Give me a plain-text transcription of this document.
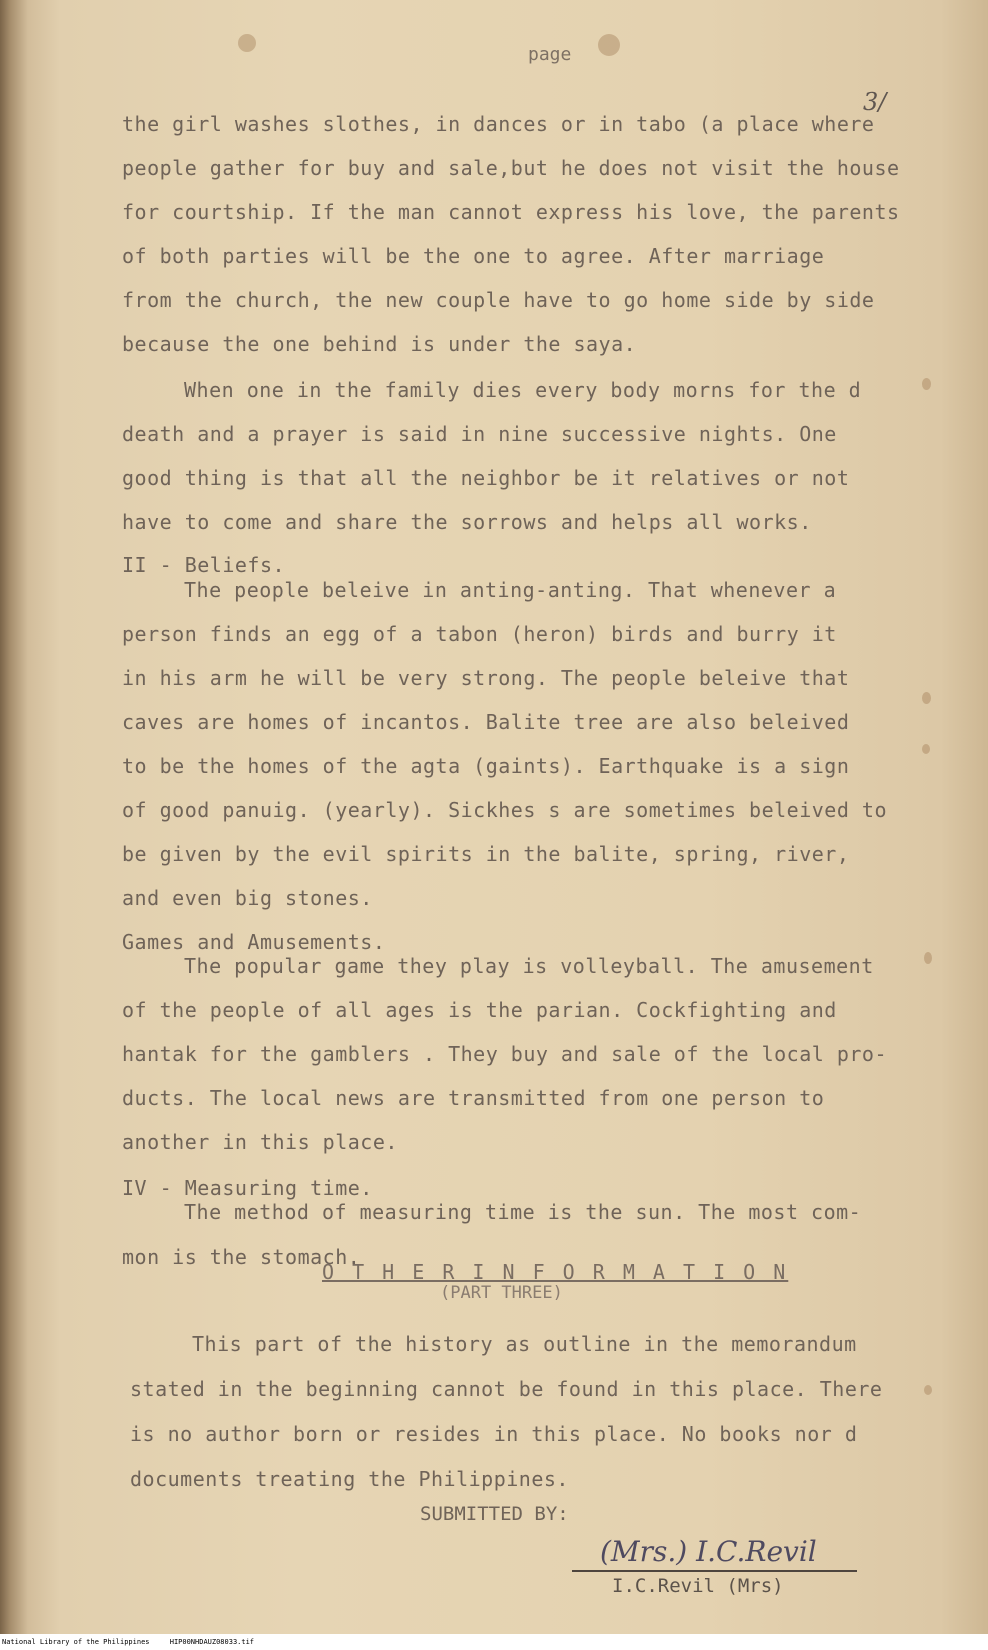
page
3/
the girl washes slothes, in dances or in tabo (a place where
people gather for buy and sale,but he does not visit the house
for courtship. If the man cannot express his love, the parents
of both parties will be the one to agree. After marriage
from the church, the new couple have to go home side by side
because the one behind is under the saya.
When one in the family dies every body morns for the d
death and a prayer is said in nine successive nights. One
good thing is that all the neighbor be it relatives or not
have to come and share the sorrows and helps all works.
II - Beliefs.
The people beleive in anting-anting. That whenever a
person finds an egg of a tabon (heron) birds and burry it
in his arm he will be very strong. The people beleive that
caves are homes of incantos. Balite tree are also beleived
to be the homes of the agta (gaints). Earthquake is a sign
of good panuig. (yearly). Sickhes s are sometimes beleived to
be given by the evil spirits in the balite, spring, river,
and even big stones.
Games and Amusements.
The popular game they play is volleyball. The amusement
of the people of all ages is the parian. Cockfighting and
hantak for the gamblers . They buy and sale of the local pro-
ducts. The local news are transmitted from one person to
another in this place.
IV - Measuring time.
The method of measuring time is the sun. The most com-
mon is the stomach.
O T H E R I N F O R M A T I O N
(PART THREE)
This part of the history as outline in the memorandum
stated in the beginning cannot be found in this place. There
is no author born or resides in this place. No books nor d
documents treating the Philippines.
SUBMITTED BY:
(Mrs.) I.C.Revil
I.C.Revil (Mrs)
National Library of the Philippines	HIP00NHDAUZ08033.tif
